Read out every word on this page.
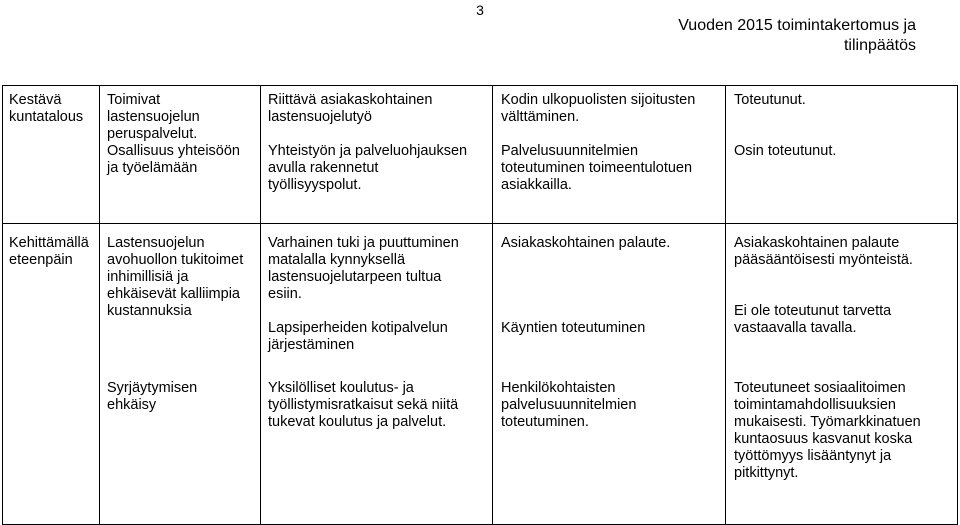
3
Vuoden 2015 toimintakertomus ja
tilinpäätös

Kestävä

kuntatalous

Toimivat

lastensuojelun

peruspalvelut.

Osallisuus yhteisöön

ja työelämään

Riittävä asiakaskohtainen

lastensuojelutyö

Yhteistyön ja palveluohjauksen

avulla rakennetut

työllisyyspolut.

Kodin ulkopuolisten sijoitusten

välttäminen.

Palvelusuunnitelmien

toteutuminen toimeentulotuen

asiakkailla.

Toteutunut.

Osin toteutunut.

Kehittämällä

eteenpäin

Lastensuojelun

avohuollon tukitoimet

inhimillisiä ja

ehkäisevät kalliimpia

kustannuksia

Varhainen tuki ja puuttuminen

matalalla kynnyksellä

lastensuojelutarpeen tultua

esiin.

Lapsiperheiden kotipalvelun

järjestäminen

Asiakaskohtainen palaute.

Käyntien toteutuminen

Asiakaskohtainen palaute

pääsääntöisesti myönteistä.

Ei ole toteutunut tarvetta

vastaavalla tavalla.

Syrjäytymisen

ehkäisy

Yksilölliset koulutus- ja

työllistymisratkaisut sekä niitä

tukevat koulutus ja palvelut.

Henkilökohtaisten

palvelusuunnitelmien

toteutuminen.

Toteutuneet sosiaalitoimen

toimintamahdollisuuksien

mukaisesti. Työmarkkinatuen

kuntaosuus kasvanut koska

työttömyys lisääntynyt ja

pitkittynyt.
